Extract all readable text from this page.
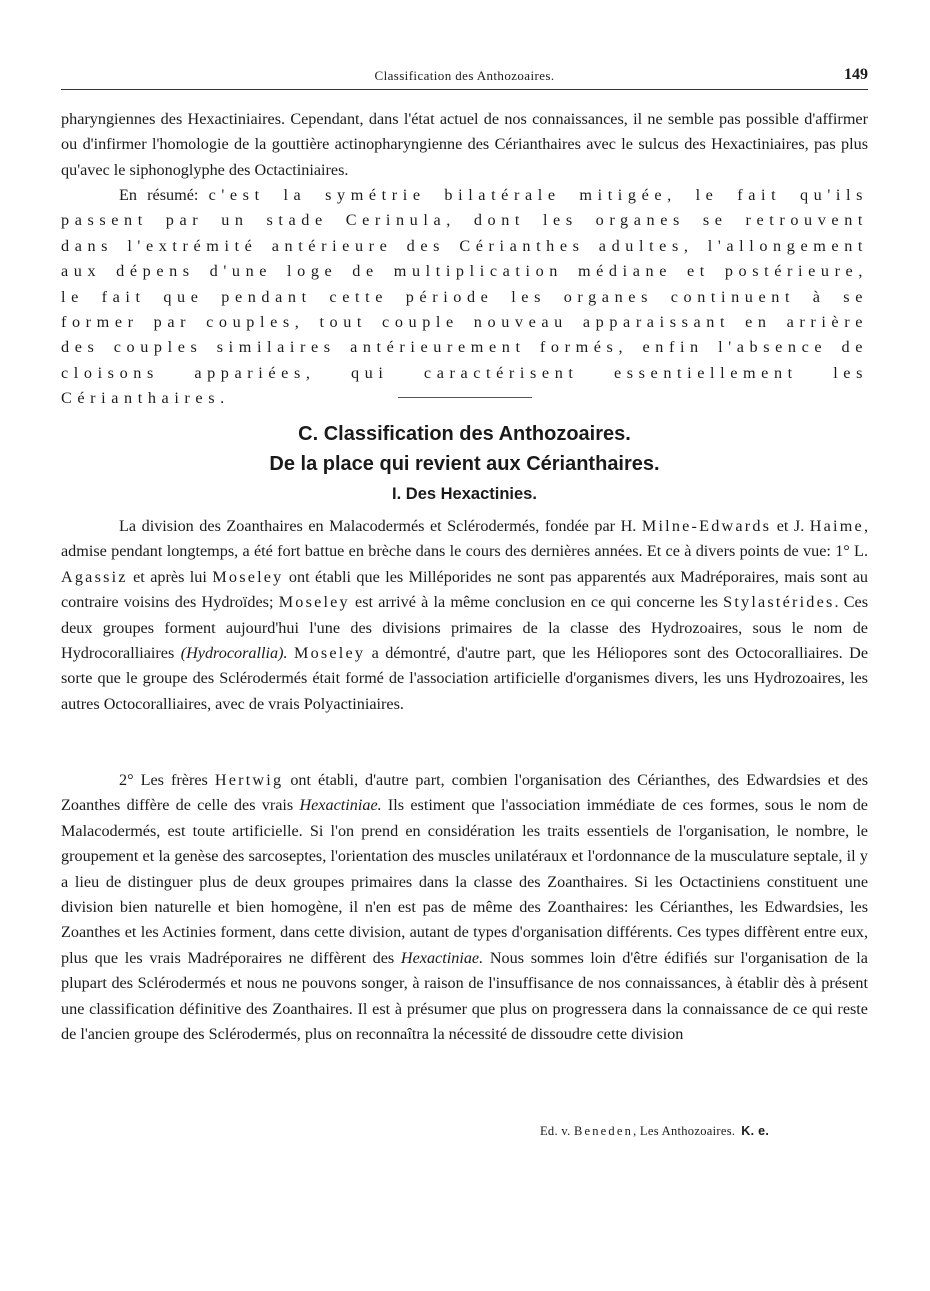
Classification des Anthozoaires.	149

pharyngiennes des Hexactiniaires. Cependant, dans l'état actuel de nos connaissances, il ne semble pas possible d'affirmer ou d'infirmer l'homologie de la gouttière actinopharyngienne des Cérianthaires avec le sulcus des Hexactiniaires, pas plus qu'avec le siphonoglyphe des Octactiniaires.

En résumé: c'est la symétrie bilatérale mitigée, le fait qu'ils passent par un stade Cerinula, dont les organes se retrouvent dans l'extrémité antérieure des Cérianthes adultes, l'allongement aux dépens d'une loge de multiplication médiane et postérieure, le fait que pendant cette période les organes continuent à se former par couples, tout couple nouveau apparaissant en arrière des couples similaires antérieurement formés, enfin l'absence de cloisons appariées, qui caractérisent essentiellement les Cérianthaires.

C. Classification des Anthozoaires.
De la place qui revient aux Cérianthaires.
I. Des Hexactinies.

La division des Zoanthaires en Malacodermés et Sclérodermés, fondée par H. Milne-Edwards et J. Haime, admise pendant longtemps, a été fort battue en brèche dans le cours des dernières années. Et ce à divers points de vue: 1° L. Agassiz et après lui Moseley ont établi que les Milléporides ne sont pas apparentés aux Madréporaires, mais sont au contraire voisins des Hydroïdes; Moseley est arrivé à la même conclusion en ce qui concerne les Stylastérides. Ces deux groupes forment aujourd'hui l'une des divisions primaires de la classe des Hydrozoaires, sous le nom de Hydrocoralliaires (Hydrocorallia). Moseley a démontré, d'autre part, que les Héliopores sont des Octocoralliaires. De sorte que le groupe des Sclérodermés était formé de l'association artificielle d'organismes divers, les uns Hydrozoaires, les autres Octocoralliaires, avec de vrais Polyactiniaires.

2° Les frères Hertwig ont établi, d'autre part, combien l'organisation des Cérianthes, des Edwardsies et des Zoanthes diffère de celle des vrais Hexactiniae. Ils estiment que l'association immédiate de ces formes, sous le nom de Malacodermés, est toute artificielle. Si l'on prend en considération les traits essentiels de l'organisation, le nombre, le groupement et la genèse des sarcoseptes, l'orientation des muscles unilatéraux et l'ordonnance de la musculature septale, il y a lieu de distinguer plus de deux groupes primaires dans la classe des Zoanthaires. Si les Octactiniens constituent une division bien naturelle et bien homogène, il n'en est pas de même des Zoanthaires: les Cérianthes, les Edwardsies, les Zoanthes et les Actinies forment, dans cette division, autant de types d'organisation différents. Ces types diffèrent entre eux, plus que les vrais Madréporaires ne diffèrent des Hexactiniae. Nous sommes loin d'être édifiés sur l'organisation de la plupart des Sclérodermés et nous ne pouvons songer, à raison de l'insuffisance de nos connaissances, à établir dès à présent une classification définitive des Zoanthaires. Il est à présumer que plus on progressera dans la connaissance de ce qui reste de l'ancien groupe des Sclérodermés, plus on reconnaîtra la nécessité de dissoudre cette division

Ed. v. Beneden, Les Anthozoaires. K. e.
